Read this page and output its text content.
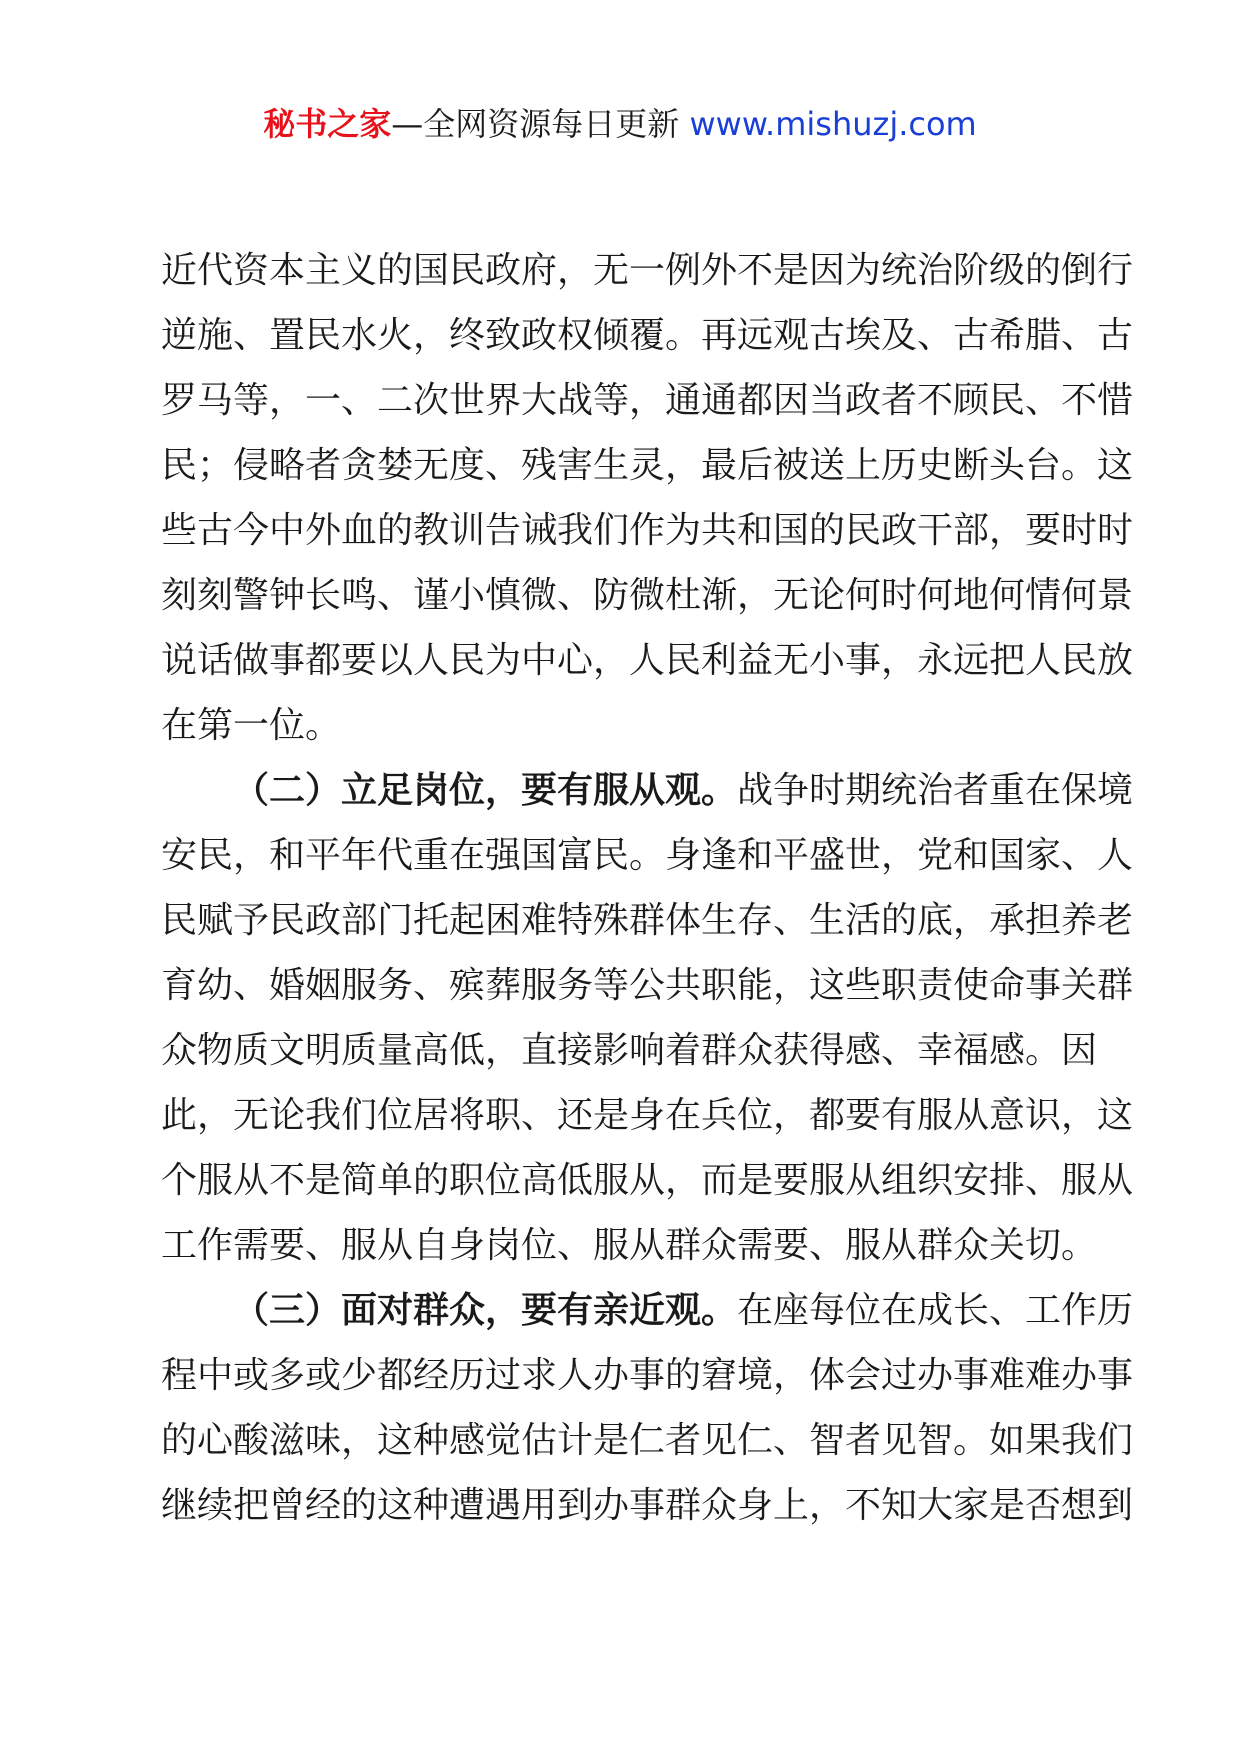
秘书之家—全网资源每日更新 www.mishuzj.com
近代资本主义的国民政府，无一例外不是因为统治阶级的倒行
逆施、置民水火，终致政权倾覆。再远观古埃及、古希腊、古
罗马等，一、二次世界大战等，通通都因当政者不顾民、不惜
民；侵略者贪婪无度、残害生灵，最后被送上历史断头台。这
些古今中外血的教训告诫我们作为共和国的民政干部，要时时
刻刻警钟长鸣、谨小慎微、防微杜渐，无论何时何地何情何景
说话做事都要以人民为中心，人民利益无小事，永远把人民放
在第一位。
（二）立足岗位，要有服从观。战争时期统治者重在保境
安民，和平年代重在强国富民。身逢和平盛世，党和国家、人
民赋予民政部门托起困难特殊群体生存、生活的底，承担养老
育幼、婚姻服务、殡葬服务等公共职能，这些职责使命事关群
众物质文明质量高低，直接影响着群众获得感、幸福感。因
此，无论我们位居将职、还是身在兵位，都要有服从意识，这
个服从不是简单的职位高低服从，而是要服从组织安排、服从
工作需要、服从自身岗位、服从群众需要、服从群众关切。
（三）面对群众，要有亲近观。在座每位在成长、工作历
程中或多或少都经历过求人办事的窘境，体会过办事难难办事
的心酸滋味，这种感觉估计是仁者见仁、智者见智。如果我们
继续把曾经的这种遭遇用到办事群众身上，不知大家是否想到
